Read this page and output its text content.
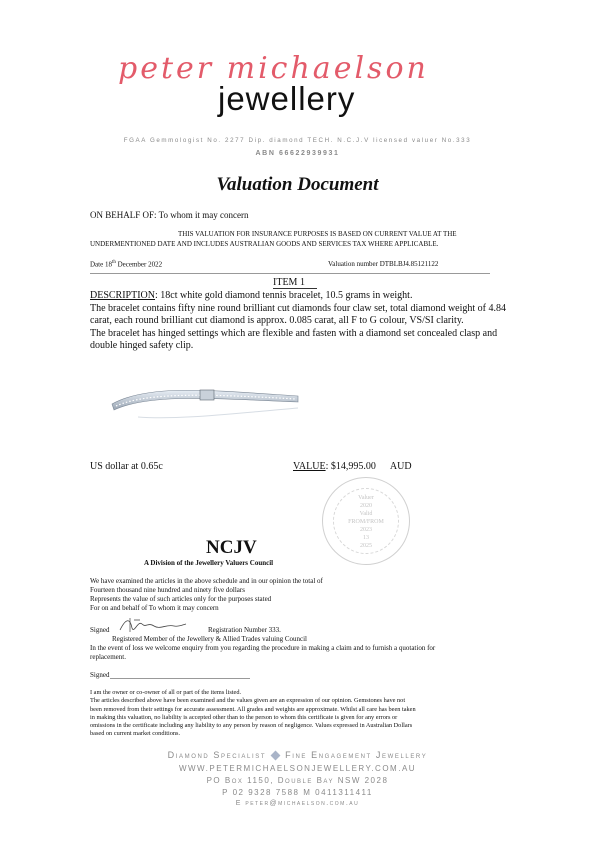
peter michaelson
jewellery
FGAA Gemmologist No. 2277 Dip. diamond TECH. N.C.J.V licensed valuer No.333
ABN 66622939931
Valuation Document
ON BEHALF OF: To whom it may concern
THIS VALUATION FOR INSURANCE PURPOSES IS BASED ON CURRENT VALUE AT THE
UNDERMENTIONED DATE AND INCLUDES AUSTRALIAN GOODS AND SERVICES TAX WHERE APPLICABLE.
Date 18th December 2022	Valuation number DTBLBJ4.85121122
ITEM 1
DESCRIPTION: 18ct white gold diamond tennis bracelet, 10.5 grams in weight.
The bracelet contains fifty nine round brilliant cut diamonds four claw set, total diamond weight of 4.84 carat, each round brilliant cut diamond is approx. 0.085 carat, all F to G colour, VS/SI clarity.
The bracelet has hinged settings which are flexible and fasten with a diamond set concealed clasp and double hinged safety clip.
US dollar at 0.65c	VALUE: $14,995.00 AUD
Valuer
2020
Valid
FROM/FROM
2023
13
2025
NCJV
A Division of the Jewellery Valuers Council
We have examined the articles in the above schedule and in our opinion the total of
Fourteen thousand nine hundred and ninety five dollars
Represents the value of such articles only for the purposes stated
For on and behalf of To whom it may concern
Signed	Registration Number 333.
Registered Member of the Jewellery & Allied Trades valuing Council
In the event of loss we welcome enquiry from you regarding the procedure in making a claim and to furnish a quotation for
replacement.
Signed
I am the owner or co-owner of all or part of the items listed.
The articles described above have been examined and the values given are an expression of our opinion. Gemstones have not
been removed from their settings for accurate assessment. All grades and weights are approximate. Whilst all care has been taken
in making this valuation, no liability is accepted other than to the person to whom this certificate is given for any errors or
omissions in the certificate including any liability to any person by reason of negligence. Values expressed in Australian Dollars
based on current market conditions.
Diamond Specialist Fine Engagement Jewellery
WWW.PETERMICHAELSONJEWELLERY.COM.AU
PO Box 1150, Double Bay NSW 2028
P 02 9328 7588 M 0411311411
E peter@michaelson.com.au
